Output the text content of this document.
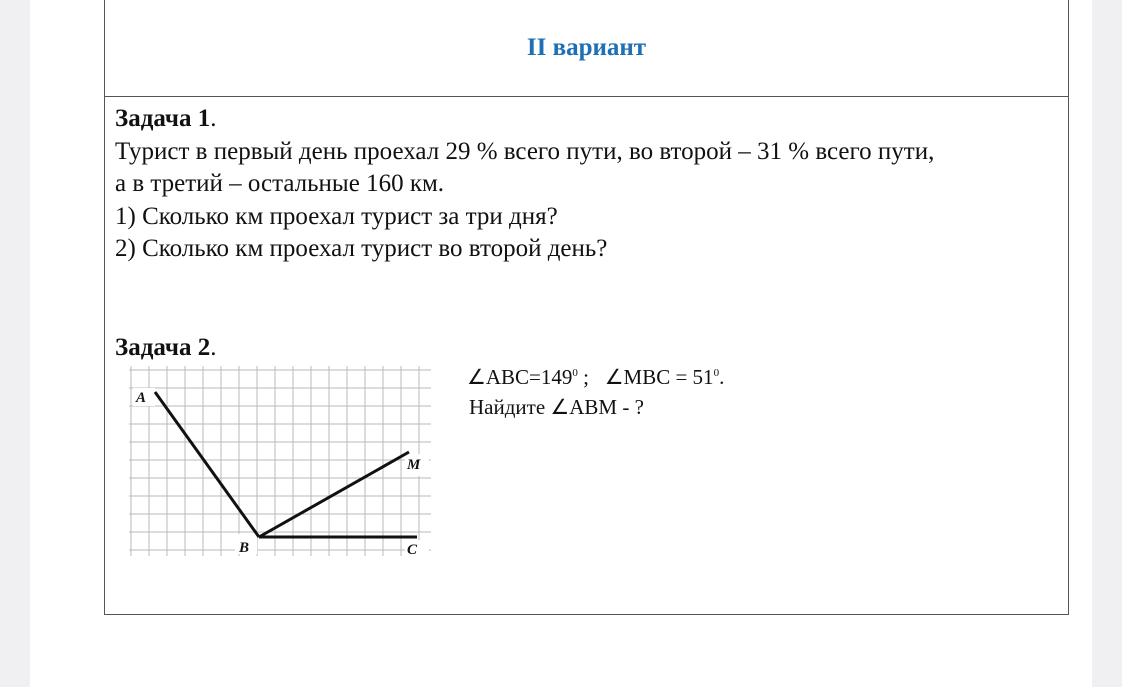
II вариант
Задача 1.
Турист в первый день проехал 29 % всего пути, во второй – 31 % всего пути,
а в третий – остальные 160 км.
1) Сколько км проехал турист за три дня?
2) Сколько км проехал турист во второй день?
Задача 2.
A
B
M
C
$\angle ABC=149^0$ ; ∠MBC = $51^0$.
Найдите ∠ABM - ?
